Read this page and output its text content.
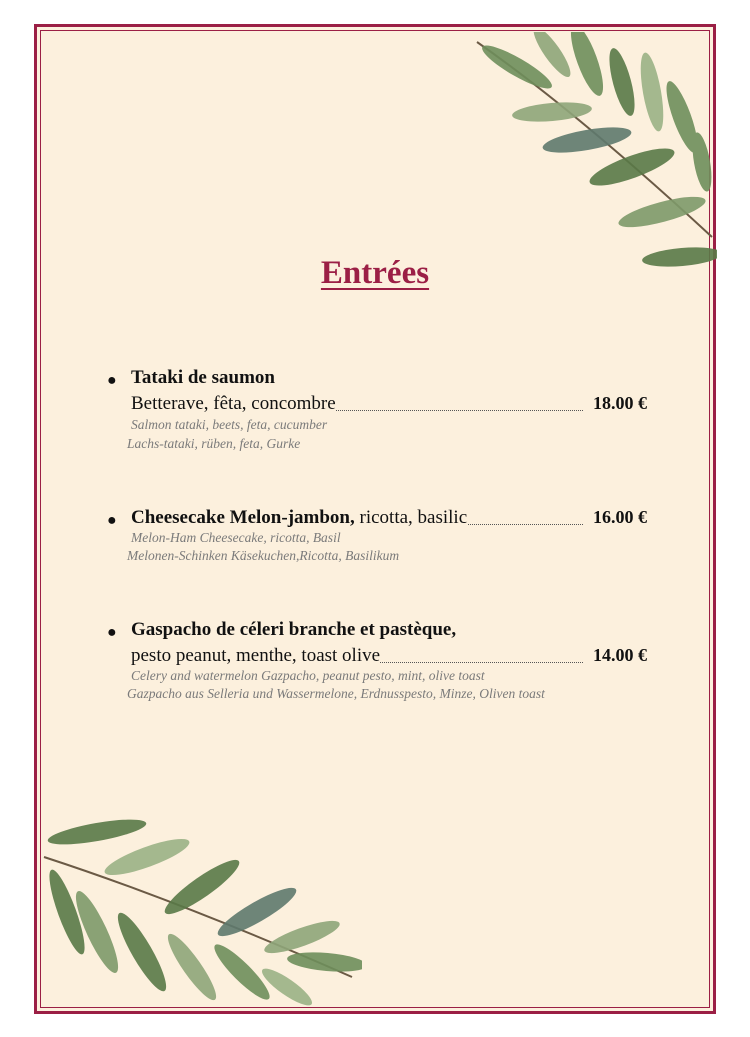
Entrées
● Tataki de saumon
Betterave, fêta, concombre	18.00 €
Salmon tataki, beets, feta, cucumber
Lachs-tataki, rüben, feta, Gurke
● Cheesecake Melon-jambon, ricotta, basilic	16.00 €
Melon-Ham Cheesecake, ricotta, Basil
Melonen-Schinken Käsekuchen,Ricotta, Basilikum
● Gaspacho de céleri branche et pastèque,
pesto peanut, menthe, toast olive	14.00 €
Celery and watermelon Gazpacho, peanut pesto, mint, olive toast
Gazpacho aus Selleria und Wassermelone, Erdnusspesto, Minze, Oliven toast
